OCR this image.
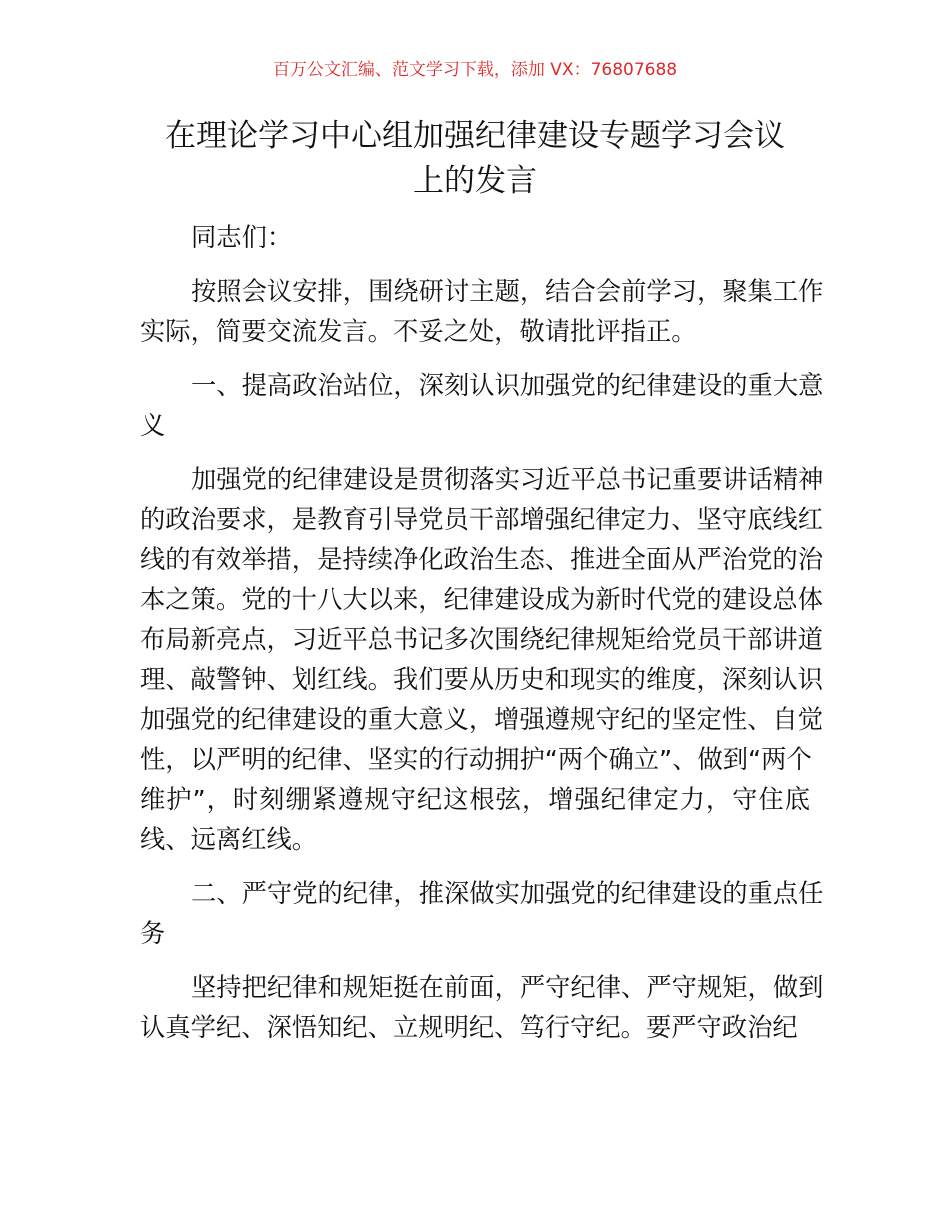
百万公文汇编、范文学习下载，添加 VX：76807688
在理论学习中心组加强纪律建设专题学习会议
上的发言
同志们：
按照会议安排，围绕研讨主题，结合会前学习，聚集工作
实际，简要交流发言。不妥之处，敬请批评指正。
一、提高政治站位，深刻认识加强党的纪律建设的重大意
义
加强党的纪律建设是贯彻落实习近平总书记重要讲话精神
的政治要求，是教育引导党员干部增强纪律定力、坚守底线红
线的有效举措，是持续净化政治生态、推进全面从严治党的治
本之策。党的十八大以来，纪律建设成为新时代党的建设总体
布局新亮点，习近平总书记多次围绕纪律规矩给党员干部讲道
理、敲警钟、划红线。我们要从历史和现实的维度，深刻认识
加强党的纪律建设的重大意义，增强遵规守纪的坚定性、自觉
性，以严明的纪律、坚实的行动拥护“两个确立”、做到“两个
维护”，时刻绷紧遵规守纪这根弦，增强纪律定力，守住底
线、远离红线。
二、严守党的纪律，推深做实加强党的纪律建设的重点任
务
坚持把纪律和规矩挺在前面，严守纪律、严守规矩，做到
认真学纪、深悟知纪、立规明纪、笃行守纪。要严守政治纪
